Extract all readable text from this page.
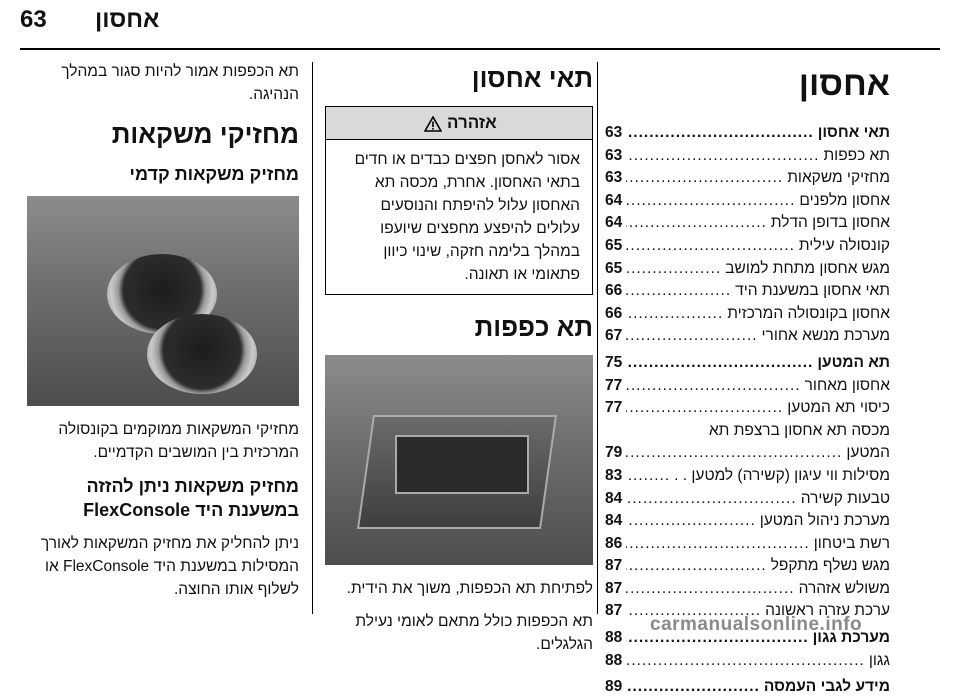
63 אחסון
אחסון
תאי אחסון
.....
63
תא כפפות
.....
63
מחזיקי משקאות
.....
63
אחסון מלפנים
.....
64
אחסון בדופן הדלת
.....
64
קונסולה עילית
.....
65
מגש אחסון מתחת למושב
.....
65
תאי אחסון במשענת היד
.....
66
אחסון בקונסולה המרכזית
.....
66
מערכת מנשא אחורי
.....
67
תא המטען
.....
75
אחסון מאחור
.....
77
כיסוי תא המטען
.....
77
מכסה תא אחסון ברצפת תא
המטען
.....
79
מסילות ווי עיגון (קשירה) למטען . .
.....
83
טבעות קשירה
.....
84
מערכת ניהול המטען
.....
84
רשת ביטחון
.....
86
מגש נשלף מתקפל
.....
87
משולש אזהרה
.....
87
ערכת עזרה ראשונה
.....
87
מערכת גגון
.....
88
גגון
.....
88
מידע לגבי העמסה
.....
89
תאי אחסון
אזהרה
אסור לאחסן חפצים כבדים או חדים בתאי האחסון. אחרת, מכסה תא האחסון עלול להיפתח והנוסעים עלולים להיפצע מחפצים שיועפו במהלך בלימה חזקה, שינוי כיוון פתאומי או תאונה.
תא כפפות
לפתיחת תא הכפפות, משוך את הידית.
תא הכפפות כולל מתאם לאומי נעילת הגלגלים.
תא הכפפות אמור להיות סגור במהלך הנהיגה.
מחזיקי משקאות
מחזיק משקאות קדמי
מחזיקי המשקאות ממוקמים בקונסולה המרכזית בין המושבים הקדמיים.
מחזיק משקאות ניתן להזזה במשענת היד FlexConsole
ניתן להחליק את מחזיק המשקאות לאורך המסילות במשענת היד FlexConsole או לשלוף אותו החוצה.
carmanualsonline.info
